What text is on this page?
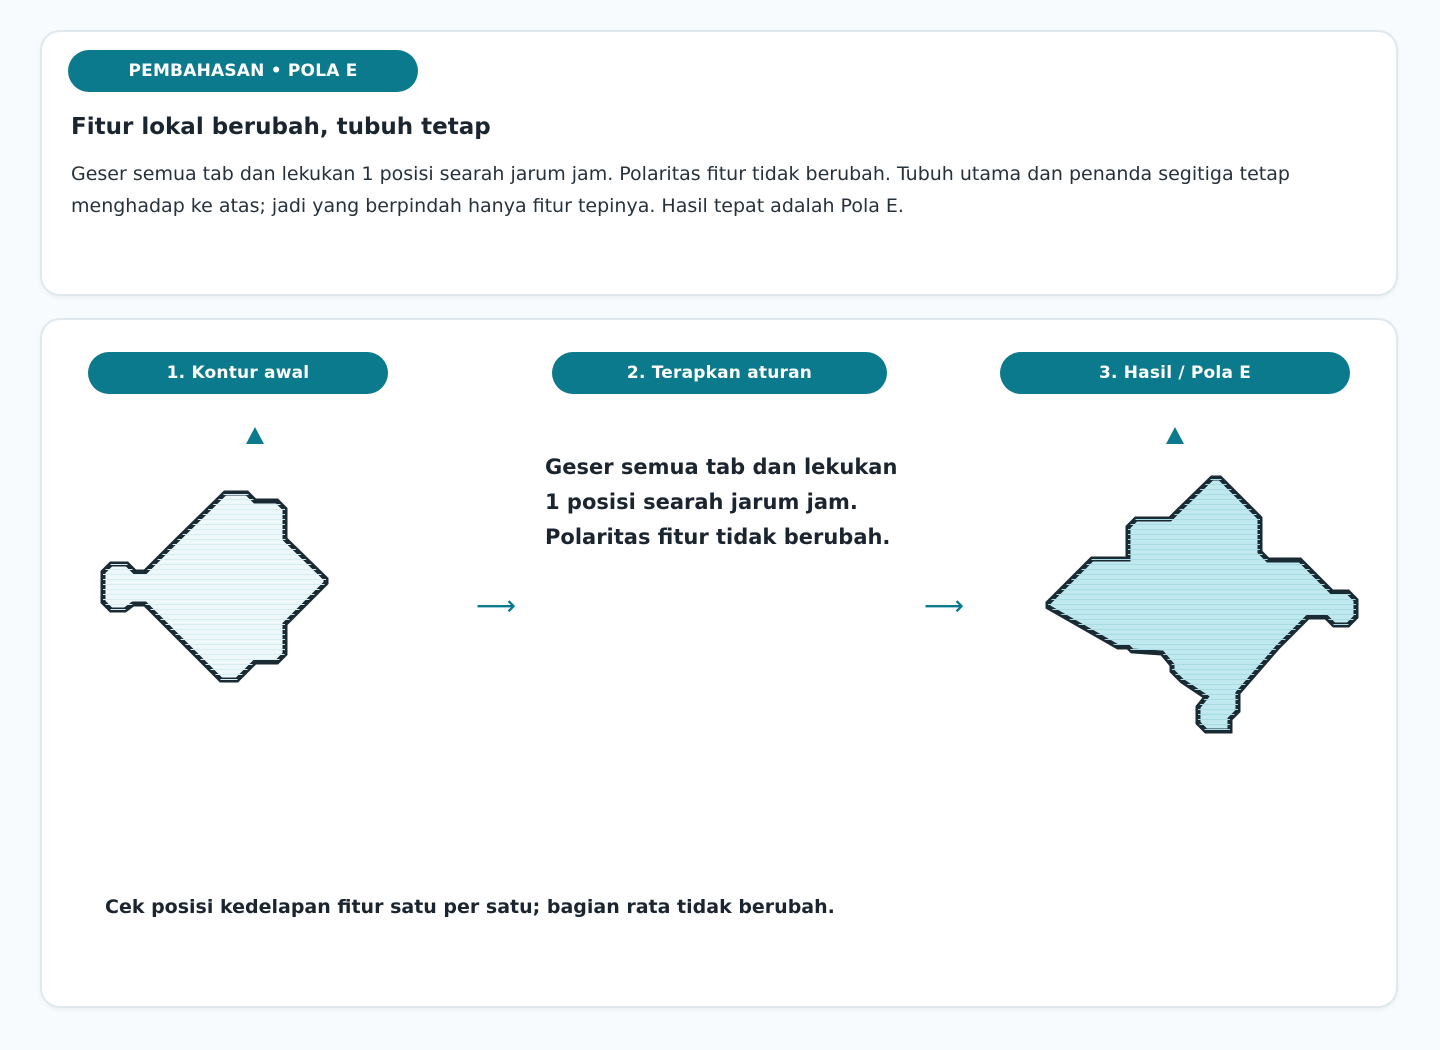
PEMBAHASAN • POLA E
Fitur lokal berubah, tubuh tetap

Geser semua tab dan lekukan 1 posisi searah jarum jam. Polaritas fitur tidak berubah. Tubuh utama dan penanda segitiga tetap menghadap ke atas; jadi yang berpindah hanya fitur tepinya. Hasil tepat adalah Pola E.

1. Kontur awal	2. Terapkan aturan	3. Hasil / Pola E
⟶

Geser semua tab dan lekukan 1 posisi searah jarum jam. Polaritas fitur tidak berubah.

⟶

Cek posisi kedelapan fitur satu per satu; bagian rata tidak berubah.
